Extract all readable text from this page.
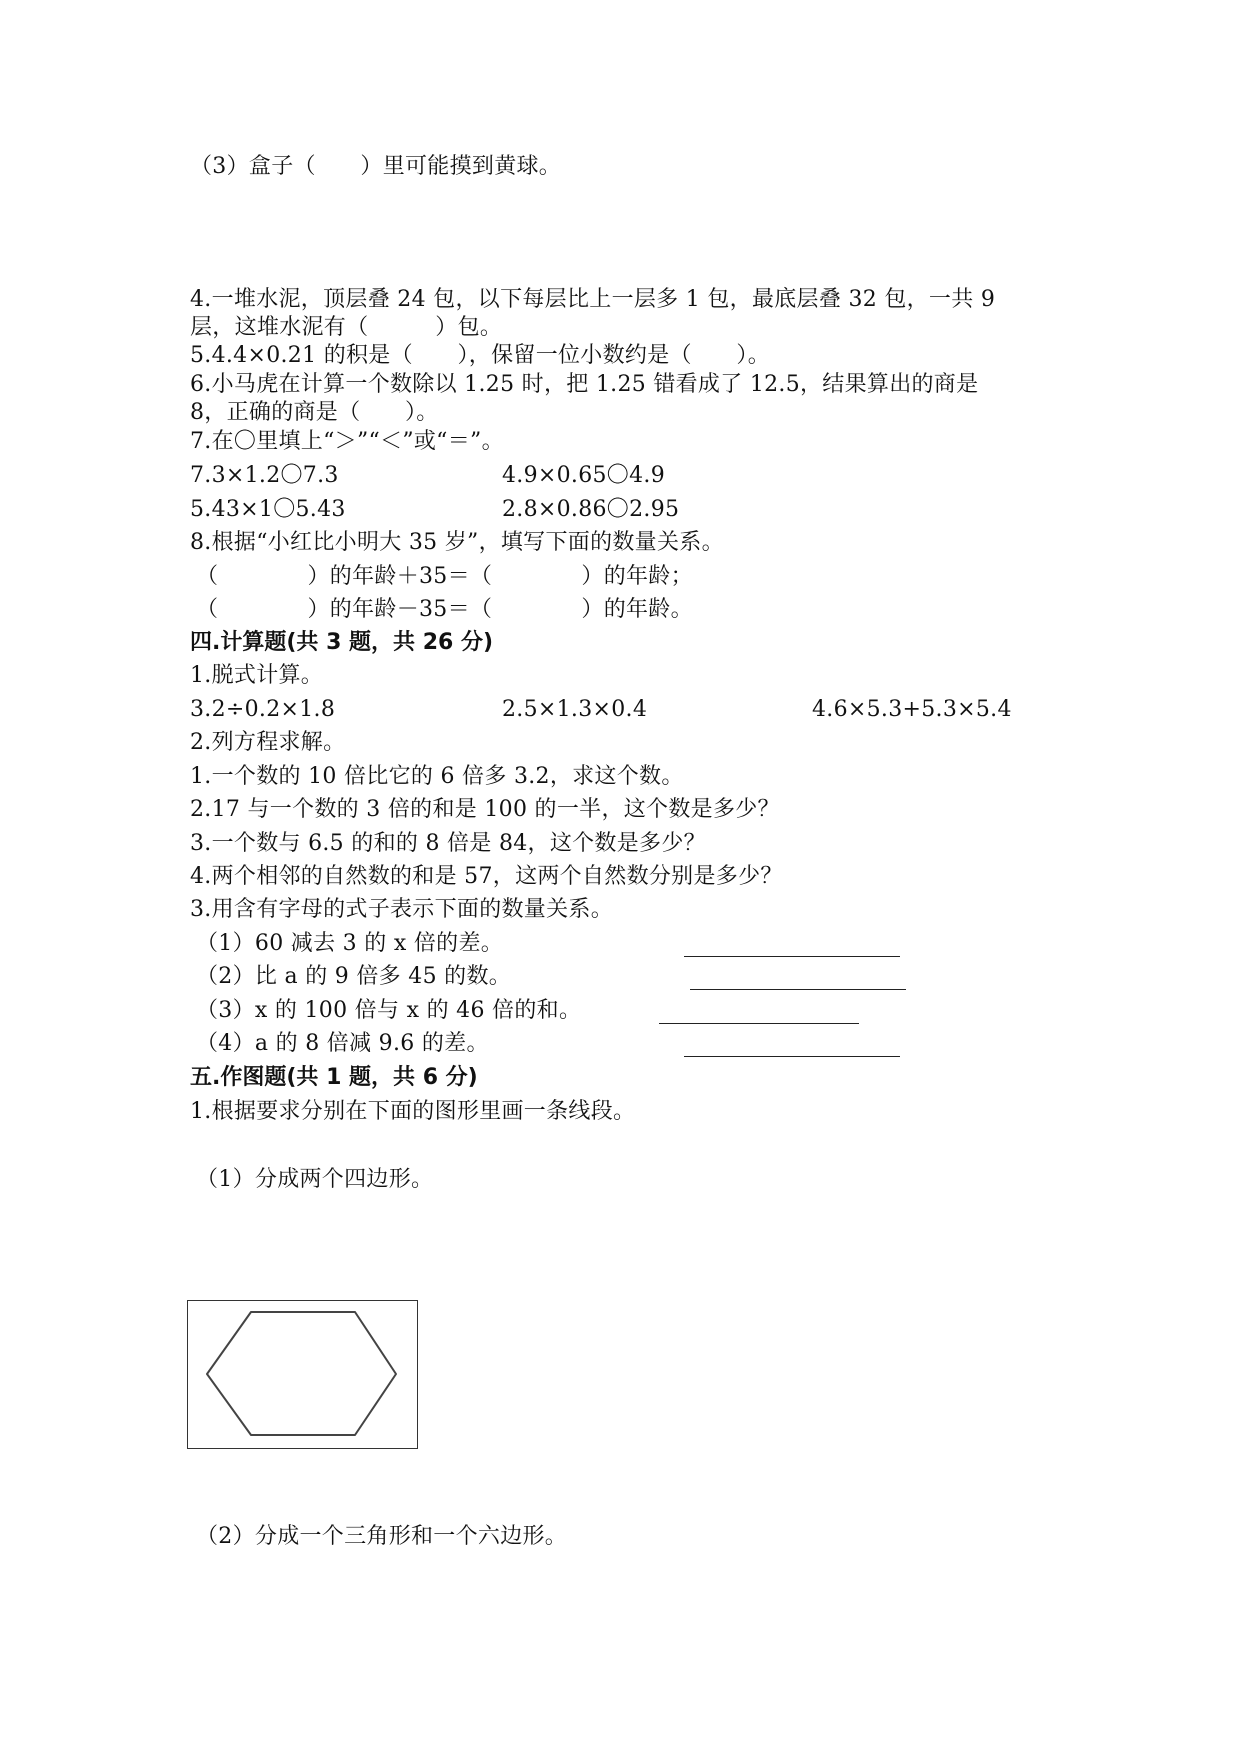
（3）盒子（　　）里可能摸到黄球。
4.一堆水泥，顶层叠 24 包，以下每层比上一层多 1 包，最底层叠 32 包，一共 9
层，这堆水泥有（　　　）包。
5.4.4×0.21 的积是（　　），保留一位小数约是（　　）。
6.小马虎在计算一个数除以 1.25 时，把 1.25 错看成了 12.5，结果算出的商是
8，正确的商是（　　）。
7.在〇里填上“＞”“＜”或“＝”。
7.3×1.2〇7.3	4.9×0.65〇4.9
5.43×1〇5.43	2.8×0.86〇2.95
8.根据“小红比小明大 35 岁”，填写下面的数量关系。
（　　　　）的年龄＋35＝（　　　　）的年龄；
（　　　　）的年龄－35＝（　　　　）的年龄。
四.计算题(共 3 题，共 26 分)
1.脱式计算。
3.2÷0.2×1.8	2.5×1.3×0.4	4.6×5.3+5.3×5.4
2.列方程求解。
1.一个数的 10 倍比它的 6 倍多 3.2，求这个数。
2.17 与一个数的 3 倍的和是 100 的一半，这个数是多少？
3.一个数与 6.5 的和的 8 倍是 84，这个数是多少？
4.两个相邻的自然数的和是 57，这两个自然数分别是多少？
3.用含有字母的式子表示下面的数量关系。
（1）60 减去 3 的 x 倍的差。
（2）比 a 的 9 倍多 45 的数。
（3）x 的 100 倍与 x 的 46 倍的和。
（4）a 的 8 倍减 9.6 的差。
五.作图题(共 1 题，共 6 分)
1.根据要求分别在下面的图形里画一条线段。
（1）分成两个四边形。
（2）分成一个三角形和一个六边形。
